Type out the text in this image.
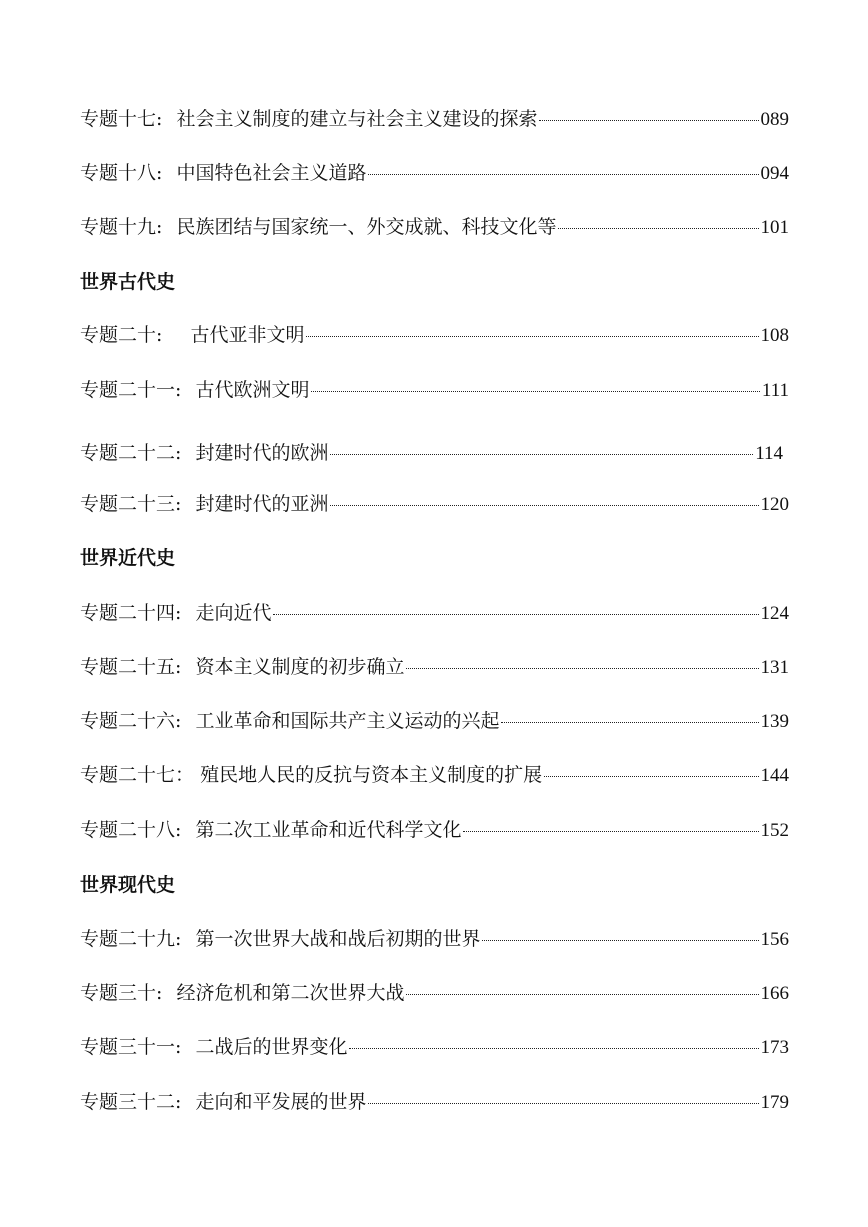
专题十七: 社会主义制度的建立与社会主义建设的探索	089
专题十八: 中国特色社会主义道路	094
专题十九: 民族团结与国家统一、外交成就、科技文化等	101
世界古代史
专题二十: 古代亚非文明	108
专题二十一: 古代欧洲文明	111
专题二十二: 封建时代的欧洲	114
专题二十三: 封建时代的亚洲	120
世界近代史
专题二十四: 走向近代	124
专题二十五: 资本主义制度的初步确立	131
专题二十六: 工业革命和国际共产主义运动的兴起	139
专题二十七： 殖民地人民的反抗与资本主义制度的扩展	144
专题二十八: 第二次工业革命和近代科学文化	152
世界现代史
专题二十九: 第一次世界大战和战后初期的世界	156
专题三十: 经济危机和第二次世界大战	166
专题三十一: 二战后的世界变化	173
专题三十二: 走向和平发展的世界	179
